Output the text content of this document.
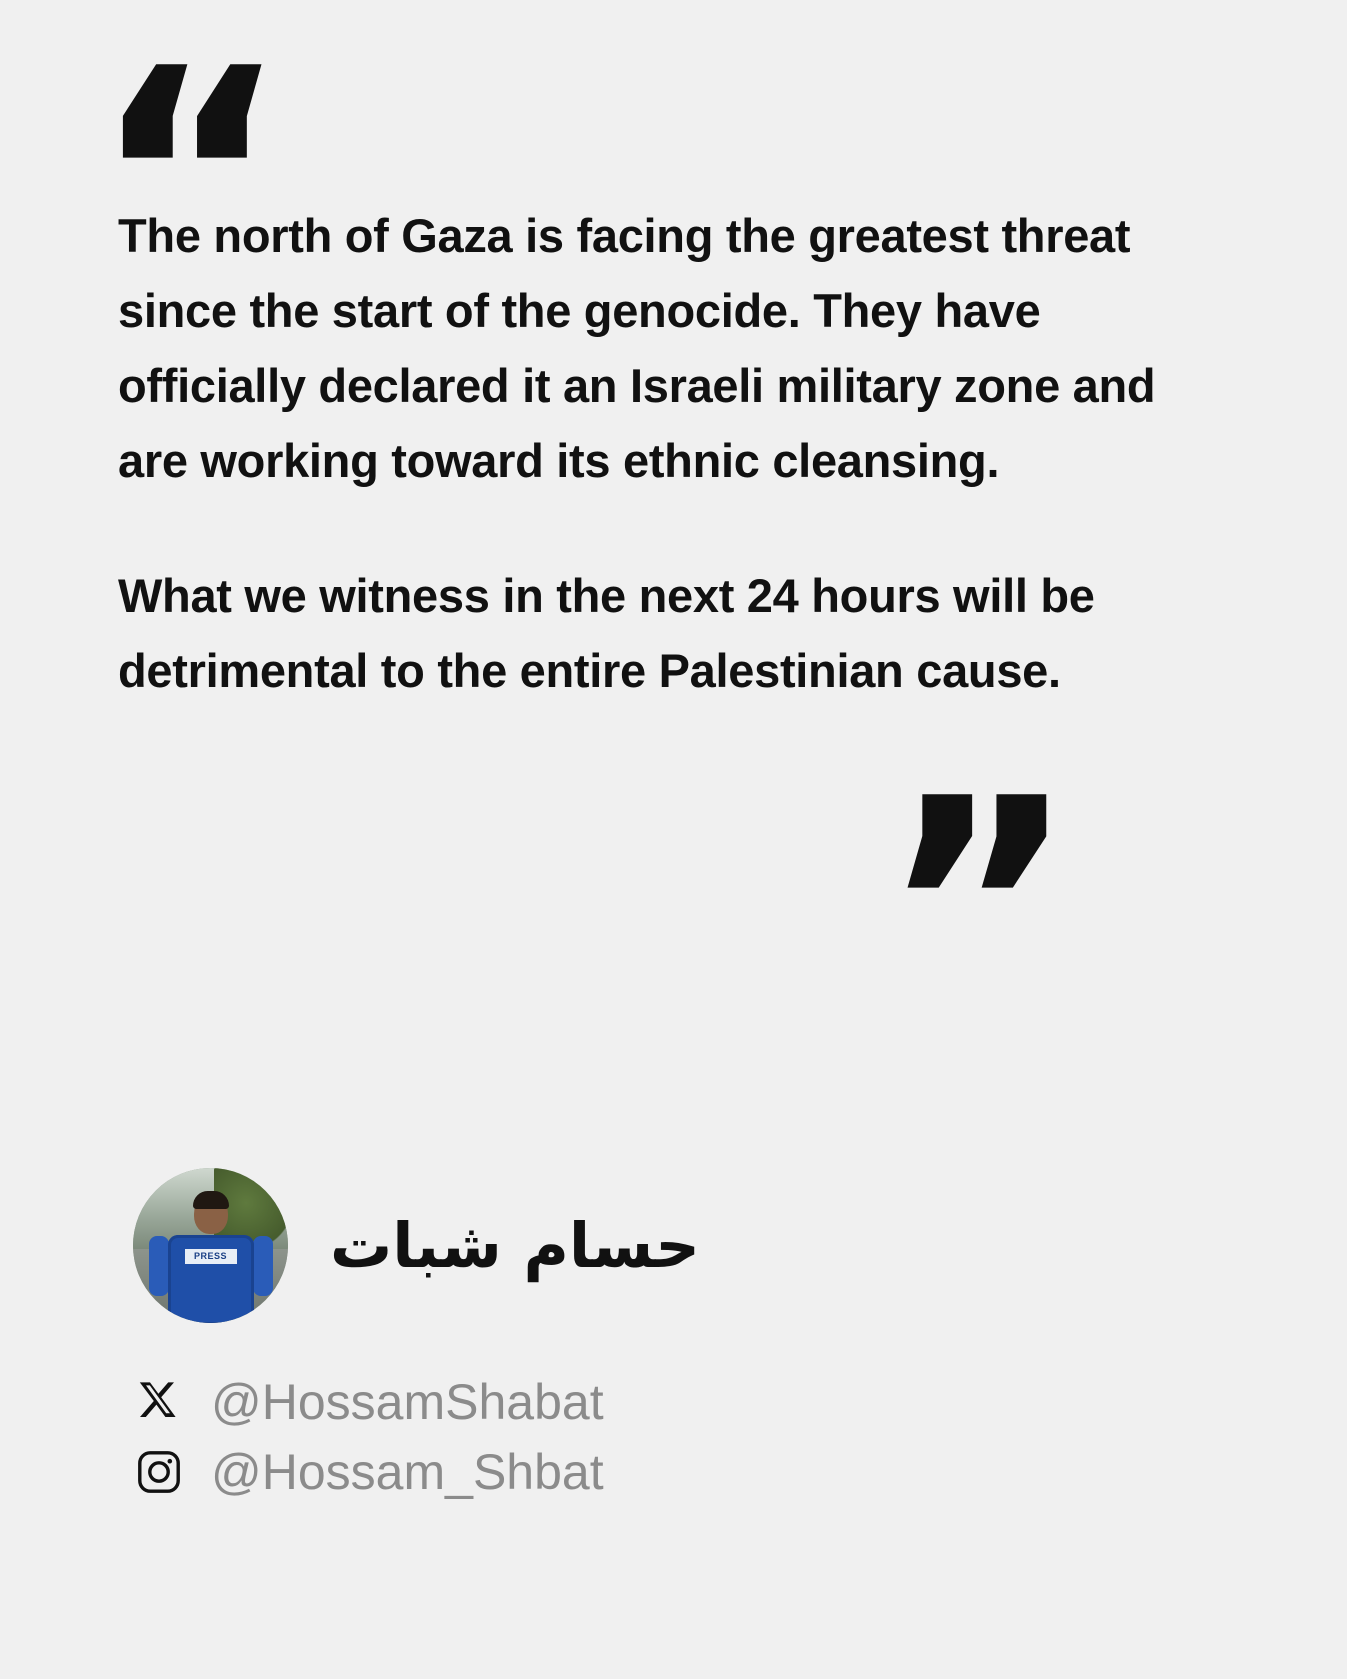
“

The north of Gaza is facing the greatest threat since the start of the genocide. They have officially declared it an Israeli military zone and are working toward its ethnic cleansing.

What we witness in the next 24 hours will be detrimental to the entire Palestinian cause.

”
PRESS حسام شبات
@HossamShabat
@Hossam_Shbat
